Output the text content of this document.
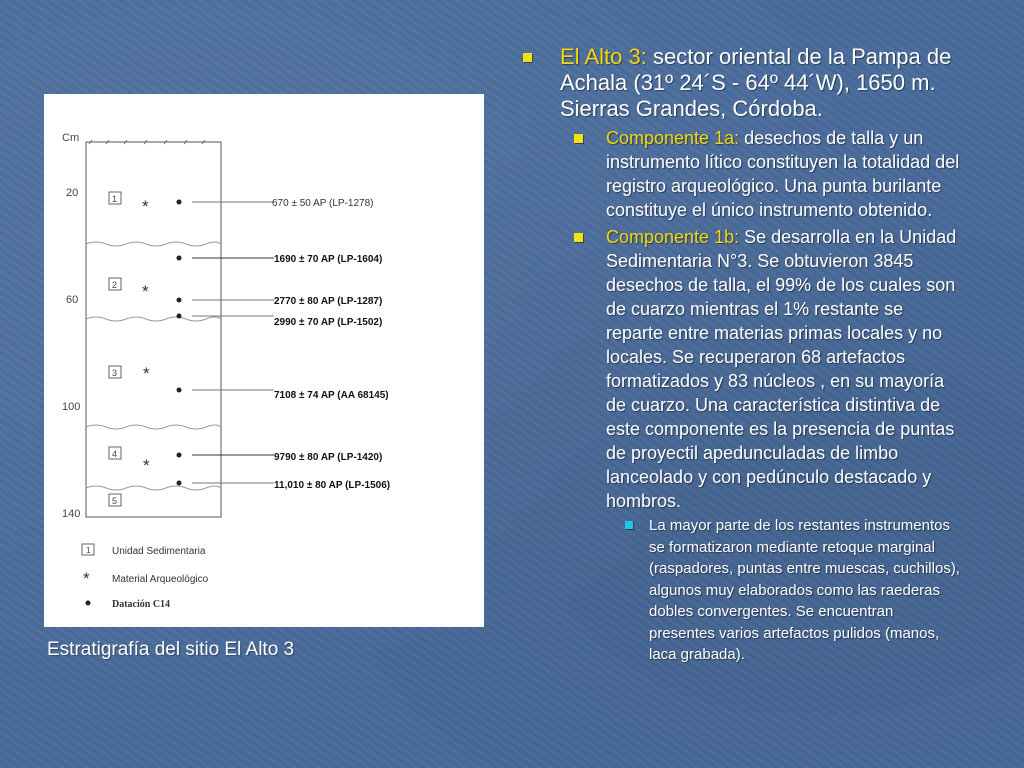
Cm
20
60
100
140
1
2
3
4
5
*
*
*
*
670 ± 50 AP (LP-1278)
1690 ± 70 AP (LP-1604)
2770 ± 80 AP (LP-1287)
2990 ± 70 AP (LP-1502)
7108 ± 74 AP (AA 68145)
9790 ± 80 AP (LP-1420)
11,010 ± 80 AP (LP-1506)
1 Unidad Sedimentaria
* Material Arqueológico
Datación C14
Estratigrafía del sitio El Alto 3
El Alto 3: sector oriental de la Pampa de Achala (31º 24´S - 64º 44´W), 1650 m. Sierras Grandes, Córdoba.
Componente 1a: desechos de talla y un instrumento lítico constituyen la totalidad del registro arqueológico. Una punta burilante constituye el único instrumento obtenido.
Componente 1b: Se desarrolla en la Unidad Sedimentaria N°3. Se obtuvieron 3845 desechos de talla, el 99% de los cuales son de cuarzo mientras el 1% restante se reparte entre materias primas locales y no locales. Se recuperaron 68 artefactos formatizados y 83 núcleos , en su mayoría de cuarzo. Una característica distintiva de este componente es la presencia de puntas de proyectil apedunculadas de limbo lanceolado y con pedúnculo destacado y hombros.
La mayor parte de los restantes instrumentos se formatizaron mediante retoque marginal (raspadores, puntas entre muescas, cuchillos), algunos muy elaborados como las raederas dobles convergentes. Se encuentran presentes varios artefactos pulidos (manos, laca grabada).
